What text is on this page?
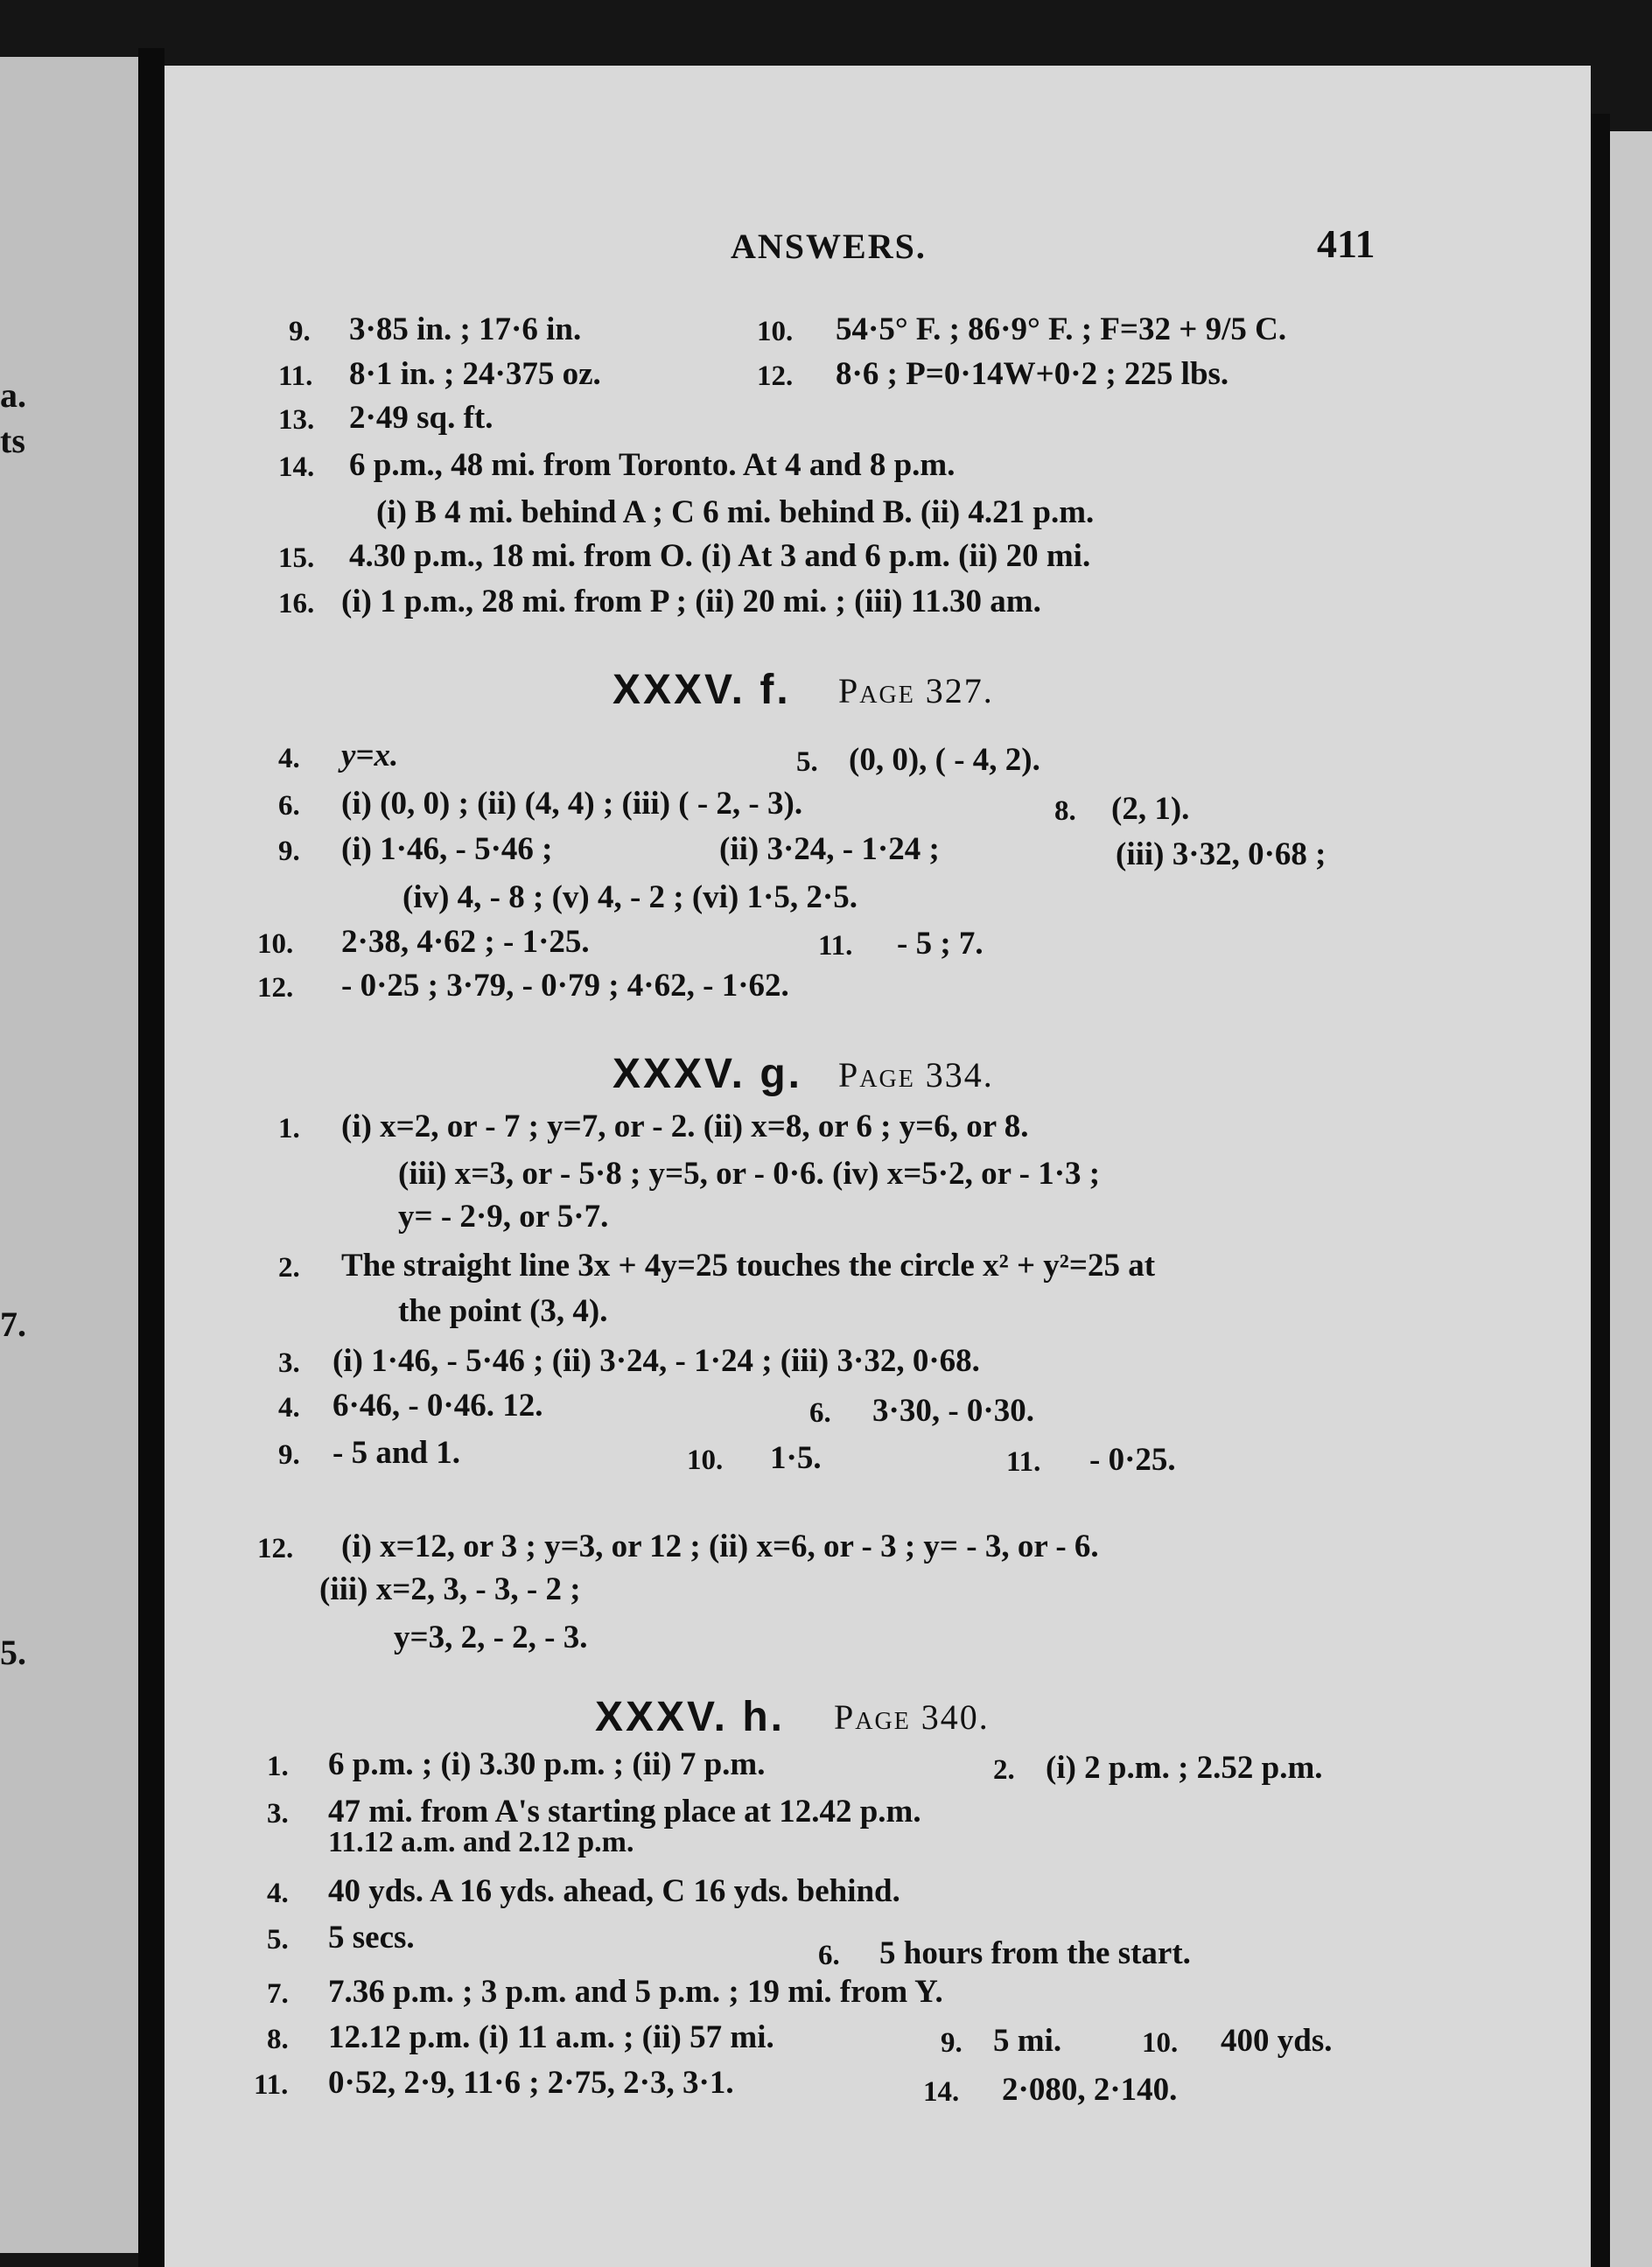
a.
ts
7.
5.
ANSWERS.	411
9. 3·85 in. ; 17·6 in.	10. 54·5° F. ; 86·9° F. ; F=32 + 9/5 C.
11. 8·1 in. ; 24·375 oz.	12. 8·6 ; P=0·14W+0·2 ; 225 lbs.
13. 2·49 sq. ft.
14. 6 p.m., 48 mi. from Toronto. At 4 and 8 p.m.
(i) B 4 mi. behind A ; C 6 mi. behind B. (ii) 4.21 p.m.
15. 4.30 p.m., 18 mi. from O. (i) At 3 and 6 p.m. (ii) 20 mi.
16. (i) 1 p.m., 28 mi. from P ; (ii) 20 mi. ; (iii) 11.30 am.
XXXV. f. Page 327.
4. y=x.	5. (0, 0), ( - 4, 2).
6. (i) (0, 0) ; (ii) (4, 4) ; (iii) ( - 2, - 3).	8. (2, 1).
9. (i) 1·46, - 5·46 ;	(ii) 3·24, - 1·24 ;	(iii) 3·32, 0·68 ;
(iv) 4, - 8 ; (v) 4, - 2 ; (vi) 1·5, 2·5.
10. 2·38, 4·62 ; - 1·25.	11. - 5 ; 7.
12. - 0·25 ; 3·79, - 0·79 ; 4·62, - 1·62.
XXXV. g. Page 334.
1. (i) x=2, or - 7 ; y=7, or - 2. (ii) x=8, or 6 ; y=6, or 8.
(iii) x=3, or - 5·8 ; y=5, or - 0·6. (iv) x=5·2, or - 1·3 ;
y= - 2·9, or 5·7.
2. The straight line 3x + 4y=25 touches the circle x² + y²=25 at
the point (3, 4).
3. (i) 1·46, - 5·46 ; (ii) 3·24, - 1·24 ; (iii) 3·32, 0·68.
4. 6·46, - 0·46. 12.	6. 3·30, - 0·30.
9. - 5 and 1.	10. 1·5.	11. - 0·25.
12. (i) x=12, or 3 ; y=3, or 12 ; (ii) x=6, or - 3 ; y= - 3, or - 6.
(iii) x=2, 3, - 3, - 2 ;
y=3, 2, - 2, - 3.
XXXV. h. Page 340.
1. 6 p.m. ; (i) 3.30 p.m. ; (ii) 7 p.m.	2. (i) 2 p.m. ; 2.52 p.m.
3. 47 mi. from A's starting place at 12.42 p.m.
11.12 a.m. and 2.12 p.m.
4. 40 yds. A 16 yds. ahead, C 16 yds. behind.
5. 5 secs.	6. 5 hours from the start.
7. 7.36 p.m. ; 3 p.m. and 5 p.m. ; 19 mi. from Y.
8. 12.12 p.m. (i) 11 a.m. ; (ii) 57 mi.	9. 5 mi.	10. 400 yds.
11. 0·52, 2·9, 11·6 ; 2·75, 2·3, 3·1.	14. 2·080, 2·140.
